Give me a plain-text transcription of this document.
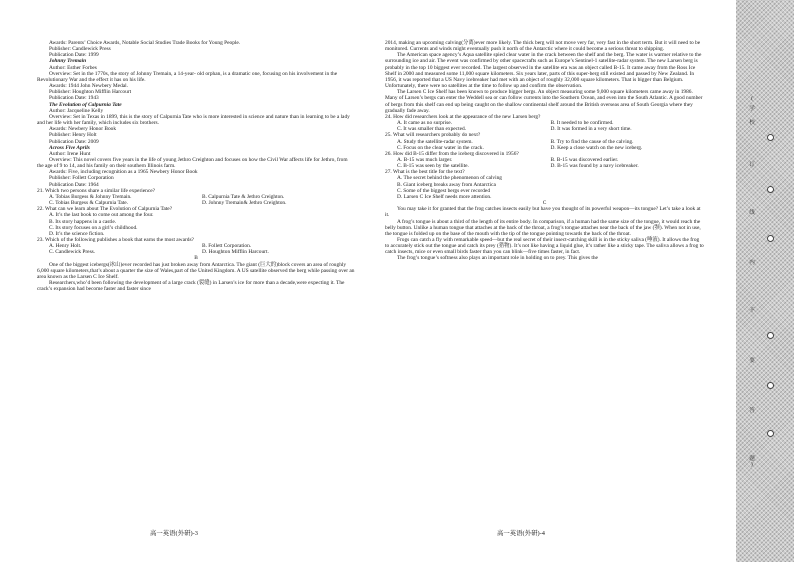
Awards: Parents’ Choice Awards, Notable Social Studies Trade Books for Young People.

Publisher: Candlewick Press

Publication Date: 1999

Johnny Tremain

Author: Esther Forbes

Overview: Set in the 1770s, the story of Johnny Tremain, a 14-year- old orphan, is a dramatic one, focusing on his involvement in the Revolutionary War and the effect it has on his life.

Awards: 1944 John Newbery Medal.

Publisher: Houghton Mifflin Harcourt

Publication Date: 1943

The Evolution of Calpurnia Tate

Author: Jacqueline Kelly

Overview: Set in Texas in 1899, this is the story of Calpurnia Tate who is more interested in science and nature than in learning to be a lady and her life with her family, which includes six brothers.

Awards: Newbery Honor Book

Publisher: Henry Holt

Publication Date: 2009

Across Five Aprils

Author: Irene Hunt

Overview: This novel covers five years in the life of young Jethro Creighton and focuses on how the Civil War affects life for Jethro, from the age of 9 to 14, and his family on their southern Illinois farm.

Awards: Five, including recognition as a 1965 Newbery Honor Book

Publisher: Follett Corporation

Publication Date: 1964

21. Which two persons share a similar life experience?

A. Tobias Burgess & Johnny Tremain.	B. Calpurnia Tate & Jethro Creighton.

C. Tobias Burgess & Calpurnia Tate.	D. Johnny Tremain& Jethro Creighton.

22. What can we learn about The Evolution of Calpurnia Tate?

A. It’s the last book to come out among the four.

B. Its story happens in a castle.

C. Its story focuses on a girl’s childhood.

D. It’s the science fiction.

23. Which of the following publishes a book that earns the most awards?

A. Henry Holt.	B. Follett Corporation.

C. Candlewick Press.	D. Houghton Mifflin Harcourt.

B

One of the biggest icebergs(冰山)ever recorded has just broken away from Antarctica. The giant (巨大的)block covers an area of roughly 6,000 square kilometers,that’s about a quarter the size of Wales,part of the United Kingdom. A US satellite observed the berg while passing over an area known as the Larsen C Ice Shelf.

Researchers,who’d been following the development of a large crack (裂缝) in Larsen’s ice for more than a decade,were expecting it. The crack’s expansion had become faster and faster since

2014, making an upcoming calving(分离)ever more likely. The thick berg will not move very far, very fast in the short term. But it will need to be monitored. Currents and winds might eventually push it north of the Antarctic where it could become a serious threat to shipping.

The American space agency’s Aqua satellite spied clear water in the crack between the shelf and the berg. The water is warmer relative to the surrounding ice and air. The event was confirmed by other spacecrafts such as Europe’s Sentinel-1 satellite-radar system. The new Larsen berg is probably in the top 10 biggest ever recorded. The largest observed in the satellite era was an object called B-15. It came away from the Ross Ice Shelf in 2000 and measured some 11,000 square kilometers. Six years later, parts of this super-berg still existed and passed by New Zealand. In 1956, it was reported that a US Navy icebreaker had met with an object of roughly 32,000 square kilometers. That is bigger than Belgium. Unfortunately, there were no satellites at the time to follow up and confirm the observation.

The Larsen C Ice Shelf has been known to produce bigger bergs. An object measuring some 9,000 square kilometers came away in 1986. Many of Larsen’s bergs can enter the Weddell sea or can follow currents into the Southern Ocean, and even into the South Atlantic. A good number of bergs from this shelf can end up being caught on the shallow continental shelf around the British overseas area of South Georgia where they gradually fade away.

24. How did researchers look at the appearance of the new Larsen berg?

A. It came as no surprise.	B. It needed to be confirmed.

C. It was smaller than expected.	D. It was formed in a very short time.

25. What will researchers probably do next?

A. Study the satellite-radar system.	B. Try to find the cause of the calving.

C. Focus on the clear water in the crack.	D. Keep a close watch on the new iceberg.

26. How did B-15 differ from the iceberg discovered in 1956?

A. B-15 was much larger.	B. B-15 was discovered earlier.

C. B-15 was seen by the satellite.	D. B-15 was found by a navy icebreaker.

27. What is the best title for the text?

A. The secret behind the phenomenon of calving

B. Giant iceberg breaks away from Antarctica

C. Some of the biggest bergs ever recorded

D. Larsen C Ice Shelf needs more attention.

C

You may take it for granted that the frog catches insects easily but have you thought of its powerful weapon—its tongue? Let’s take a look at it.

A frog’s tongue is about a third of the length of its entire body. In comparison, if a human had the same size of the tongue, it would reach the belly button. Unlike a human tongue that attaches at the back of the throat, a frog’s tongue attaches near the back of the jaw (颚). When not in use, the tongue is folded up on the base of the mouth with the tip of the tongue pointing towards the back of the throat.

Frogs can catch a fly with remarkable speed—but the real secret of their insect-catching skill is in the sticky saliva (唾液). It allows the frog to accurately stick out the tongue and catch its prey (猎物). It’s not like having a liquid glue, it’s rather like a sticky tape. The saliva allows a frog to catch insects, mice or even small birds faster than you can blink—five times faster, in fact.

The frog’s tongue’s softness also plays an important role in holding on to prey. This gives the

高一英语(外研)-3	高一英语(外研)-4
(
学
校
订
线
内
不
要
答
题
)
